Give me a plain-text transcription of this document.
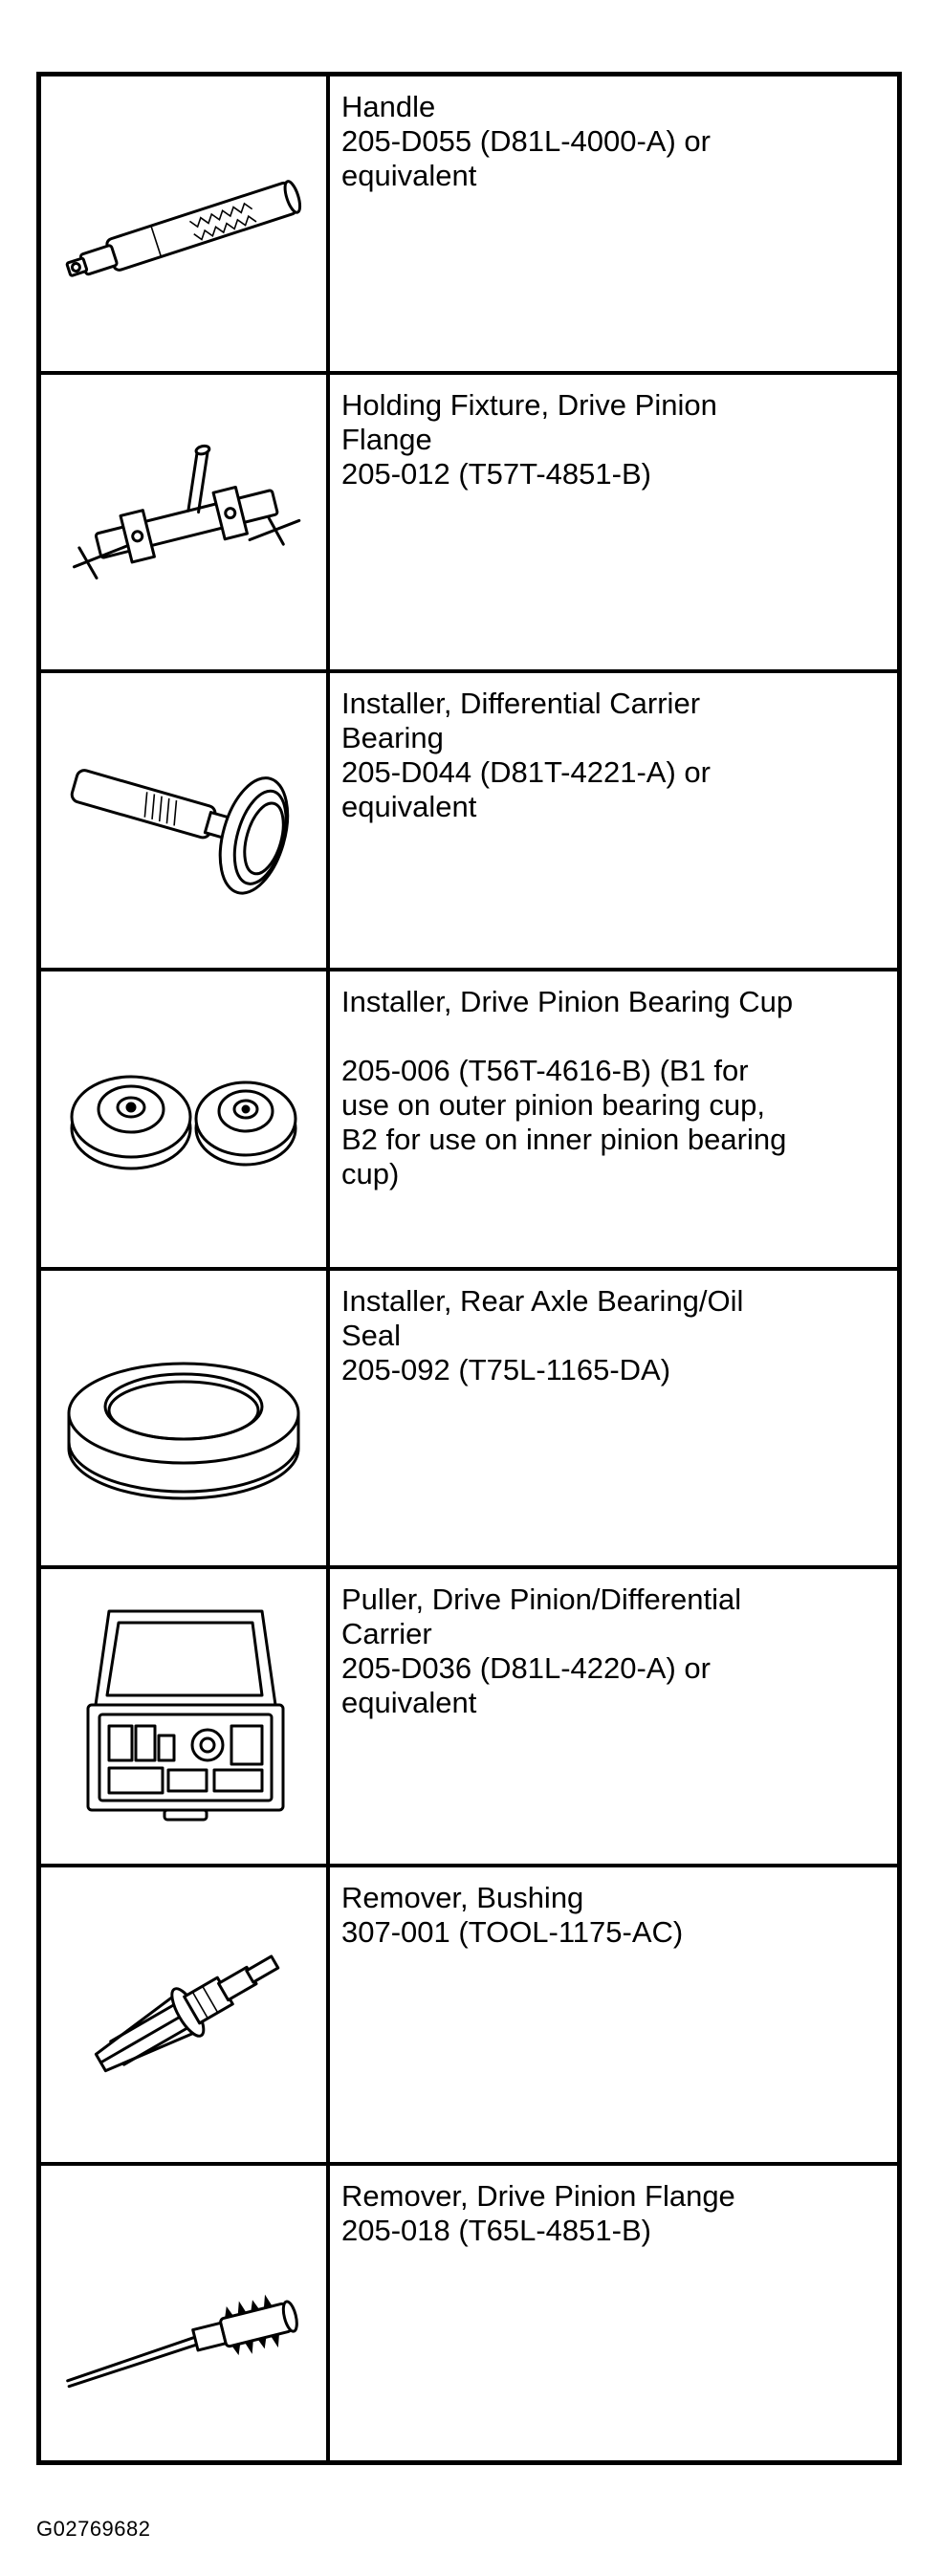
Handle

205-D055 (D81L-4000-A) or
equivalent

Holding Fixture, Drive Pinion
Flange

205-012 (T57T-4851-B)

Installer, Differential Carrier
Bearing

205-D044 (D81T-4221-A) or
equivalent

Installer, Drive Pinion Bearing Cup

205-006 (T56T-4616-B) (B1 for
use on outer pinion bearing cup,
B2 for use on inner pinion bearing
cup)

Installer, Rear Axle Bearing/Oil
Seal

205-092 (T75L-1165-DA)

Puller, Drive Pinion/Differential
Carrier

205-D036 (D81L-4220-A) or
equivalent

Remover, Bushing

307-001 (TOOL-1175-AC)

Remover, Drive Pinion Flange

205-018 (T65L-4851-B)

G02769682
